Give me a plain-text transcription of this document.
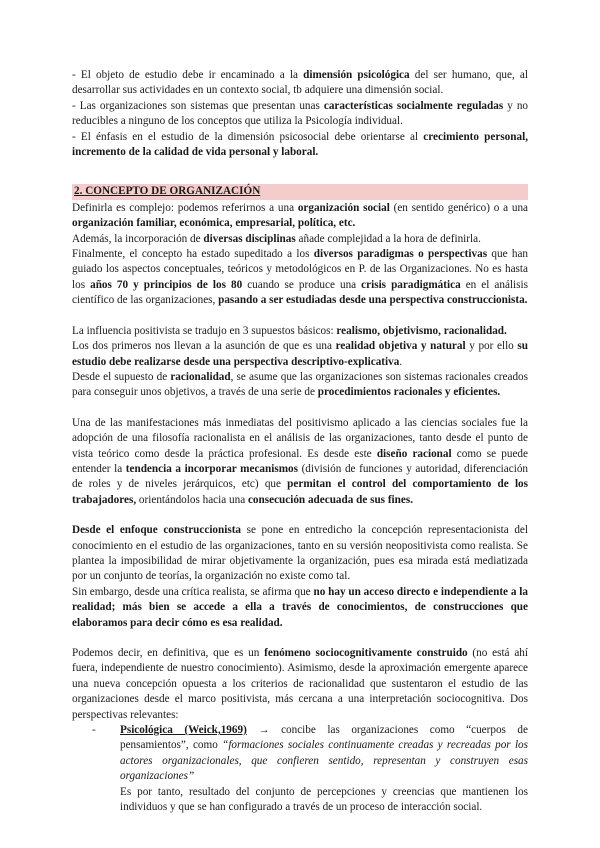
- El objeto de estudio debe ir encaminado a la dimensión psicológica del ser humano, que, al desarrollar sus actividades en un contexto social, tb adquiere una dimensión social.

- Las organizaciones son sistemas que presentan unas características socialmente reguladas y no reducibles a ninguno de los conceptos que utiliza la Psicología individual.

- El énfasis en el estudio de la dimensión psicosocial debe orientarse al crecimiento personal, incremento de la calidad de vida personal y laboral.

2. CONCEPTO DE ORGANIZACIÓN

Definirla es complejo: podemos referirnos a una organización social (en sentido genérico) o a una organización familiar, económica, empresarial, política, etc.

Además, la incorporación de diversas disciplinas añade complejidad a la hora de definirla.

Finalmente, el concepto ha estado supeditado a los diversos paradigmas o perspectivas que han guiado los aspectos conceptuales, teóricos y metodológicos en P. de las Organizaciones. No es hasta los años 70 y principios de los 80 cuando se produce una crisis paradigmática en el análisis científico de las organizaciones, pasando a ser estudiadas desde una perspectiva construccionista.

La influencia positivista se tradujo en 3 supuestos básicos: realismo, objetivismo, racionalidad.

Los dos primeros nos llevan a la asunción de que es una realidad objetiva y natural y por ello su estudio debe realizarse desde una perspectiva descriptivo-explicativa.

Desde el supuesto de racionalidad, se asume que las organizaciones son sistemas racionales creados para conseguir unos objetivos, a través de una serie de procedimientos racionales y eficientes.

Una de las manifestaciones más inmediatas del positivismo aplicado a las ciencias sociales fue la adopción de una filosofía racionalista en el análisis de las organizaciones, tanto desde el punto de vista teórico como desde la práctica profesional. Es desde este diseño racional como se puede entender la tendencia a incorporar mecanismos (división de funciones y autoridad, diferenciación de roles y de niveles jerárquicos, etc) que permitan el control del comportamiento de los trabajadores, orientándolos hacia una consecución adecuada de sus fines.

Desde el enfoque construccionista se pone en entredicho la concepción representacionista del conocimiento en el estudio de las organizaciones, tanto en su versión neopositivista como realista. Se plantea la imposibilidad de mirar objetivamente la organización, pues esa mirada está mediatizada por un conjunto de teorías, la organización no existe como tal.

Sin embargo, desde una crítica realista, se afirma que no hay un acceso directo e independiente a la realidad; más bien se accede a ella a través de conocimientos, de construcciones que elaboramos para decir cómo es esa realidad.

Podemos decir, en definitiva, que es un fenómeno sociocognitivamente construido (no está ahí fuera, independiente de nuestro conocimiento). Asimismo, desde la aproximación emergente aparece una nueva concepción opuesta a los criterios de racionalidad que sustentaron el estudio de las organizaciones desde el marco positivista, más cercana a una interpretación sociocognitiva. Dos perspectivas relevantes:

- Psicológica (Weick,1969) → concibe las organizaciones como “cuerpos de pensamientos”, como “formaciones sociales continuamente creadas y recreadas por los actores organizacionales, que confieren sentido, representan y construyen esas organizaciones”

Es por tanto, resultado del conjunto de percepciones y creencias que mantienen los individuos y que se han configurado a través de un proceso de interacción social.
